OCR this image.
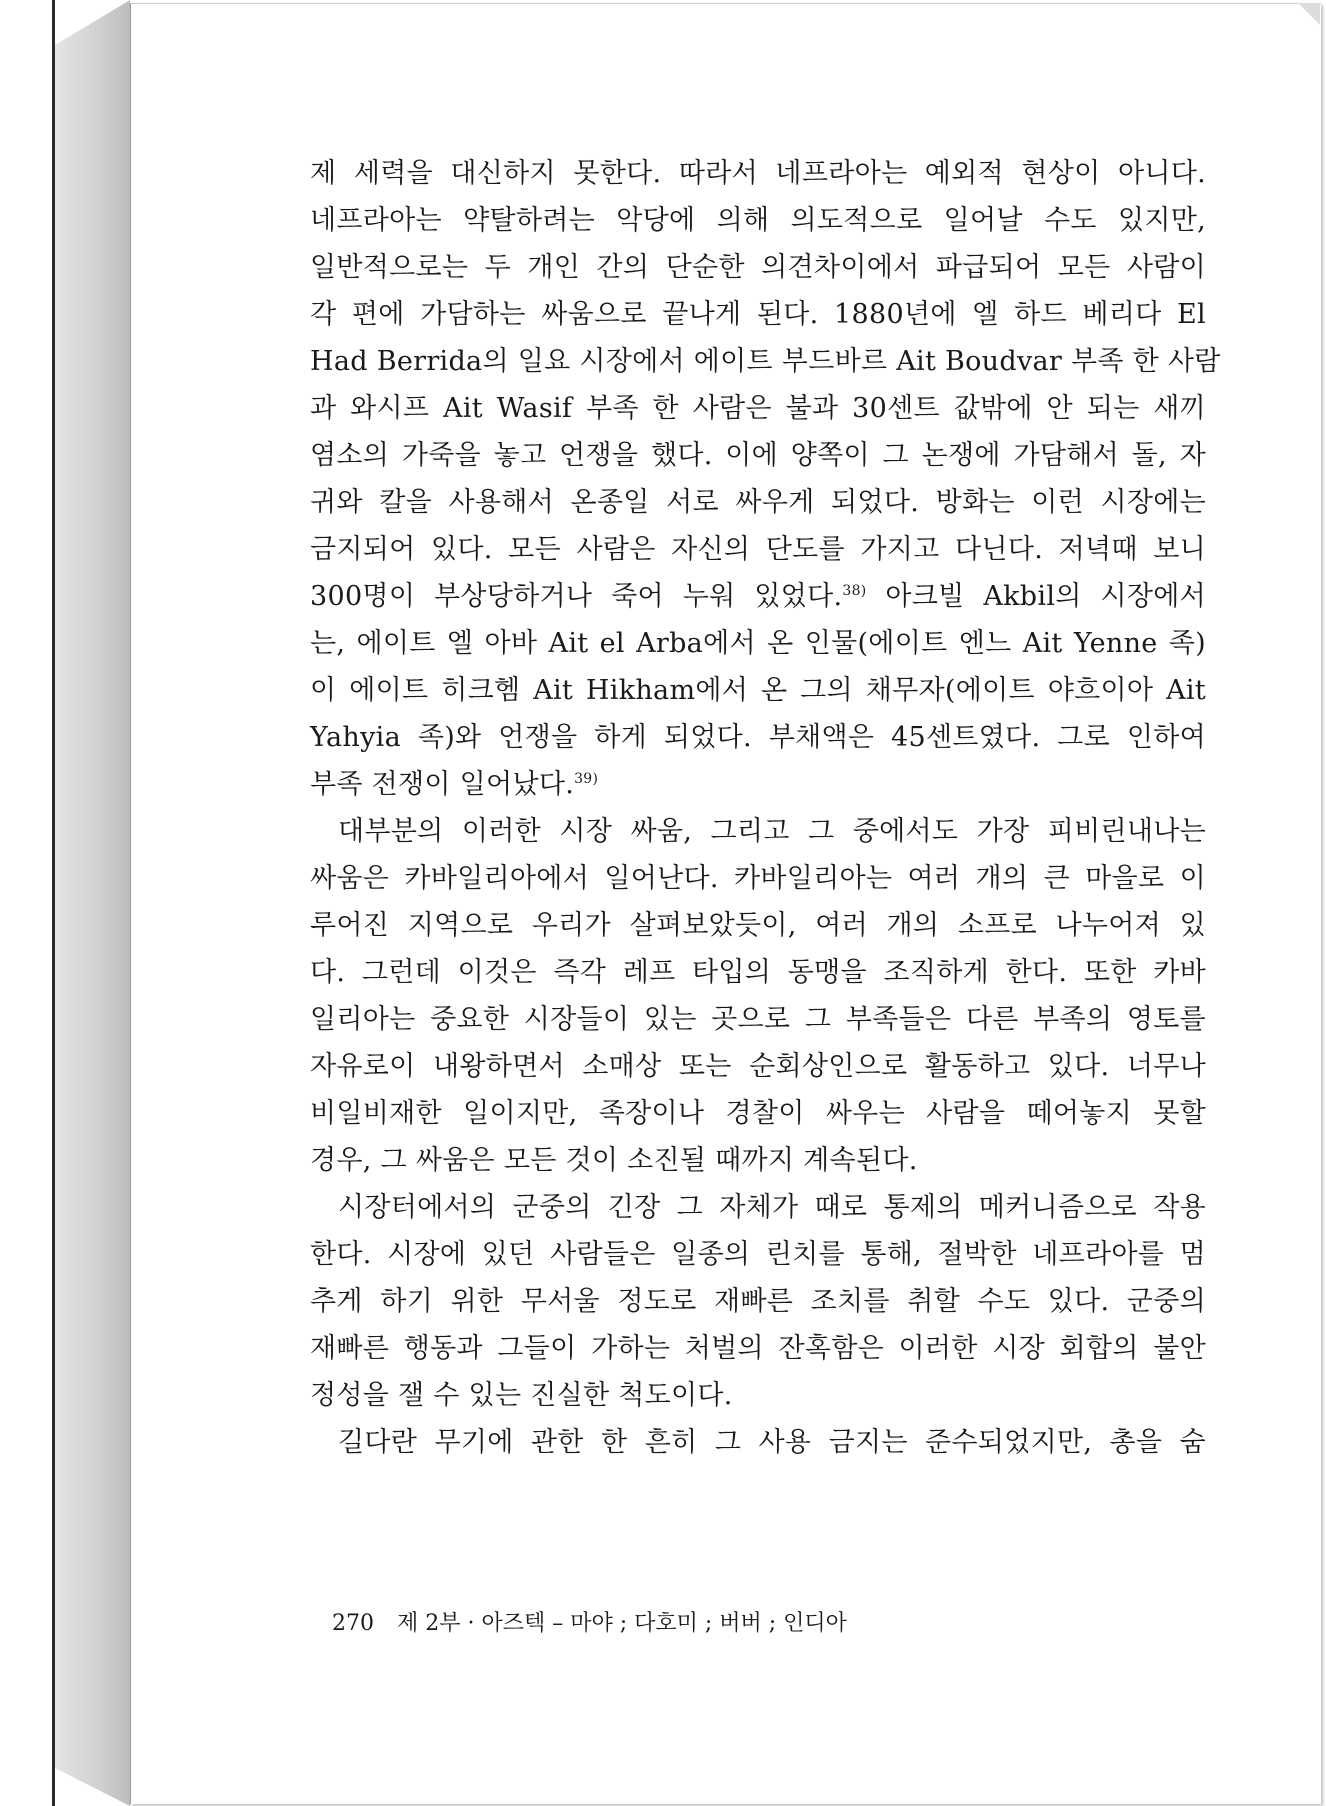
제 세력을 대신하지 못한다. 따라서 네프라아는 예외적 현상이 아니다.
네프라아는 약탈하려는 악당에 의해 의도적으로 일어날 수도 있지만,
일반적으로는 두 개인 간의 단순한 의견차이에서 파급되어 모든 사람이
각 편에 가담하는 싸움으로 끝나게 된다. 1880년에 엘 하드 베리다 El
Had Berrida의 일요 시장에서 에이트 부드바르 Ait Boudvar 부족 한 사람
과 와시프 Ait Wasif 부족 한 사람은 불과 30센트 값밖에 안 되는 새끼
염소의 가죽을 놓고 언쟁을 했다. 이에 양쪽이 그 논쟁에 가담해서 돌, 자
귀와 칼을 사용해서 온종일 서로 싸우게 되었다. 방화는 이런 시장에는
금지되어 있다. 모든 사람은 자신의 단도를 가지고 다닌다. 저녁때 보니
300명이 부상당하거나 죽어 누워 있었다.$^{38)}$ 아크빌 Akbil의 시장에서
는, 에이트 엘 아바 Ait el Arba에서 온 인물(에이트 엔느 Ait Yenne 족)
이 에이트 히크헴 Ait Hikham에서 온 그의 채무자(에이트 야흐이아 Ait
Yahyia 족)와 언쟁을 하게 되었다. 부채액은 45센트였다. 그로 인하여
부족 전쟁이 일어났다.$^{39)}$
대부분의 이러한 시장 싸움, 그리고 그 중에서도 가장 피비린내나는
싸움은 카바일리아에서 일어난다. 카바일리아는 여러 개의 큰 마을로 이
루어진 지역으로 우리가 살펴보았듯이, 여러 개의 소프로 나누어져 있
다. 그런데 이것은 즉각 레프 타입의 동맹을 조직하게 한다. 또한 카바
일리아는 중요한 시장들이 있는 곳으로 그 부족들은 다른 부족의 영토를
자유로이 내왕하면서 소매상 또는 순회상인으로 활동하고 있다. 너무나
비일비재한 일이지만, 족장이나 경찰이 싸우는 사람을 떼어놓지 못할
경우, 그 싸움은 모든 것이 소진될 때까지 계속된다.
시장터에서의 군중의 긴장 그 자체가 때로 통제의 메커니즘으로 작용
한다. 시장에 있던 사람들은 일종의 린치를 통해, 절박한 네프라아를 멈
추게 하기 위한 무서울 정도로 재빠른 조치를 취할 수도 있다. 군중의
재빠른 행동과 그들이 가하는 처벌의 잔혹함은 이러한 시장 회합의 불안
정성을 잴 수 있는 진실한 척도이다.
길다란 무기에 관한 한 흔히 그 사용 금지는 준수되었지만, 총을 숨
270 제 2부 · 아즈텍 – 마야 ; 다호미 ; 버버 ; 인디아
